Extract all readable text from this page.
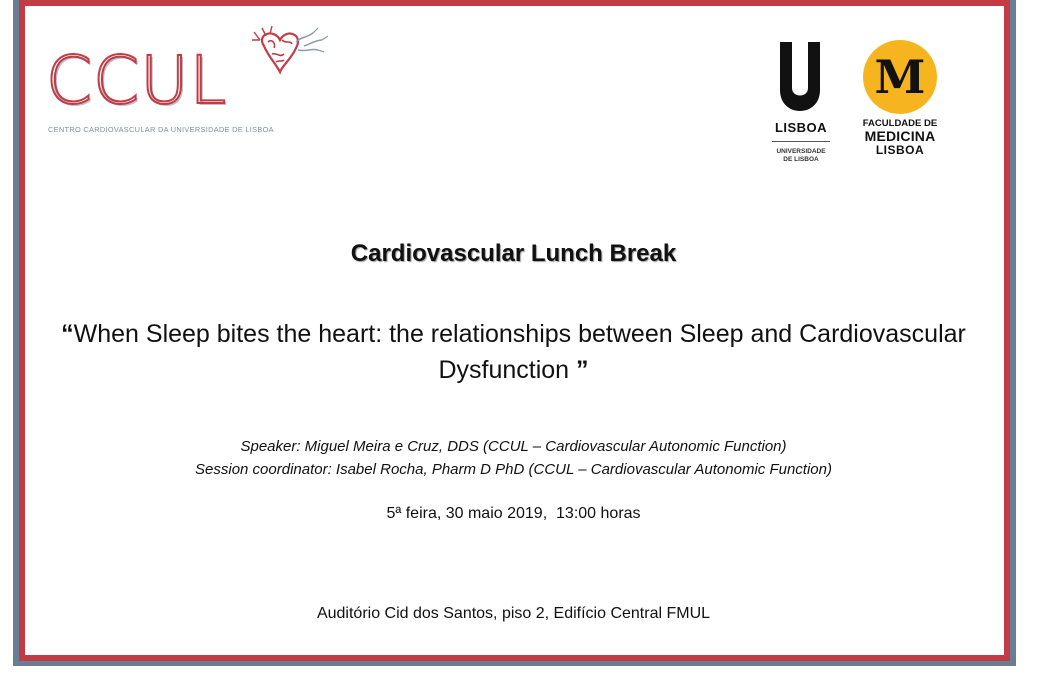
CCUL
CENTRO CARDIOVASCULAR DA UNIVERSIDADE DE LISBOA	LISBOA
UNIVERSIDADE
DE LISBOA
M
FACULDADE DE
MEDICINA
LISBOA
Cardiovascular Lunch Break
“When Sleep bites the heart: the relationships between Sleep and Cardiovascular Dysfunction ”
Speaker: Miguel Meira e Cruz, DDS (CCUL – Cardiovascular Autonomic Function)
Session coordinator: Isabel Rocha, Pharm D PhD (CCUL – Cardiovascular Autonomic Function)
5ª feira, 30 maio 2019,  13:00 horas
Auditório Cid dos Santos, piso 2, Edifício Central FMUL
